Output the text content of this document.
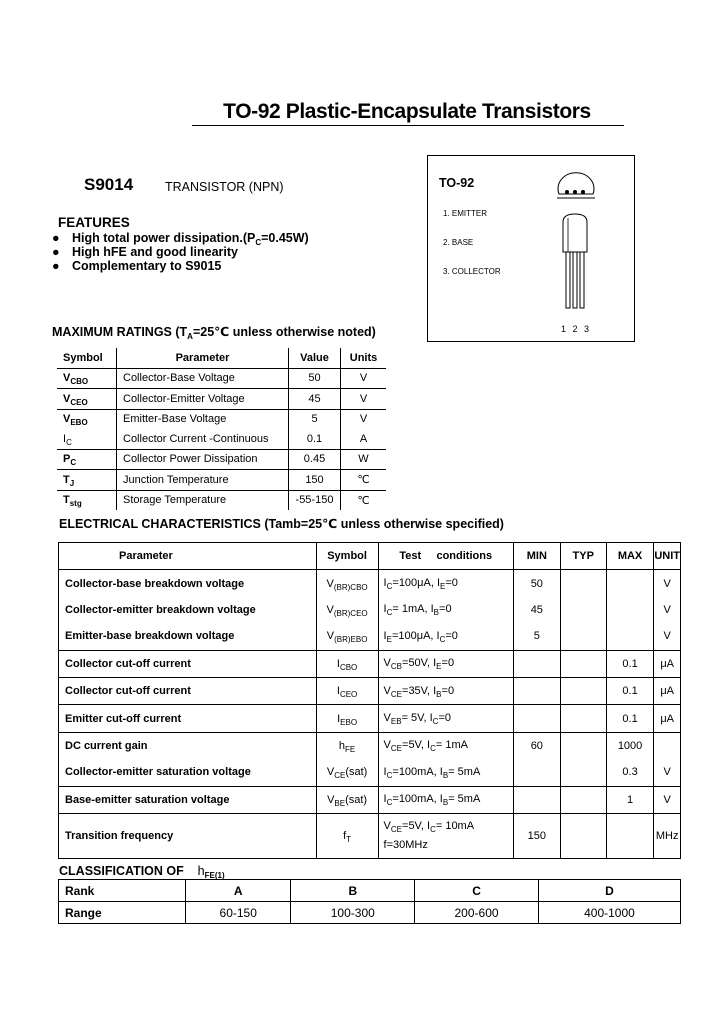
TO-92 Plastic-Encapsulate Transistors
S9014	TRANSISTOR (NPN)
FEATURES
● High total power $dissipation.(P_C=0.45W)$
● High hFE and good linearity
● Complementary to S9015
TO-92
1. EMITTER
2. BASE
3. COLLECTOR
1 2 3
MAXIMUM RATINGS ($T_A=25℃$ unless otherwise noted)
Symbol	Parameter	Value	Units
$V_{CBO}$	Collector-Base Voltage	50	V
$V_{CEO}$	Collector-Emitter Voltage	45	V
$V_{EBO}$	Emitter-Base Voltage	5	V
$I_C$	Collector Current -Continuous	0.1	A
$P_C$	Collector Power Dissipation	0.45	W
$T_J$	Junction Temperature	150	℃
$T_{stg}$	Storage Temperature	-55-150	℃
ELECTRICAL CHARACTERISTICS (Tamb=25℃ unless otherwise specified)
Parameter	Symbol	Test     conditions	MIN	TYP	MAX	UNIT
Collector-base breakdown voltage	$V_{(BR)CBO}$	$I_C=100\mu A$, $I_E=0$	50			V
Collector-emitter breakdown voltage	$V_{(BR)CEO}$	$I_C= 1mA$, $I_B=0$	45			V
Emitter-base breakdown voltage	$V_{(BR)EBO}$	$I_E=100\mu A$, $I_C=0$	5			V
Collector cut-off current	$I_{CBO}$	$V_{CB}=50V$, $I_E=0$			0.1	μA
Collector cut-off current	$I_{CEO}$	$V_{CE}=35V$, $I_B=0$			0.1	μA
Emitter cut-off current	$I_{EBO}$	$V_{EB}= 5V$, $I_C=0$			0.1	μA
DC current gain	$h_{FE}$	$V_{CE}=5V$, $I_C= 1mA$	60		1000	
Collector-emitter saturation voltage	$V_{CE}(sat)$	$I_C=100mA$, $I_B= 5mA$			0.3	V
Base-emitter saturation voltage	$V_{BE}(sat)$	$I_C=100mA$, $I_B= 5mA$			1	V
Transition frequency	$f_T$	$V_{CE}=5V$, $I_C= 10mA$
f=30MHz	150			MHz
CLASSIFICATION OF $h_{FE(1)}$
Rank	A	B	C	D
Range	60-150	100-300	200-600	400-1000
